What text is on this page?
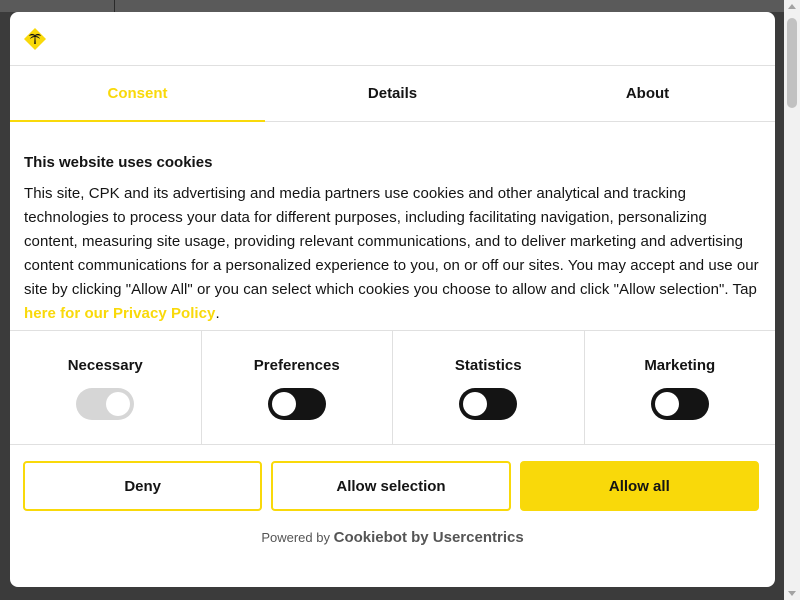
Consent	Details	About
This website uses cookies

This site, CPK and its advertising and media partners use cookies and other analytical and tracking technologies to process your data for different purposes, including facilitating navigation, personalizing content, measuring site usage, providing relevant communications, and to deliver marketing and advertising content communications for a personalized experience to you, on or off our sites. You may accept and use our site by clicking "Allow All" or you can select which cookies you choose to allow and click "Allow selection". Tap here for our Privacy Policy.

Necessary	Preferences	Statistics	Marketing
Deny	Allow selection	Allow all
Powered by Cookiebot by Usercentrics
